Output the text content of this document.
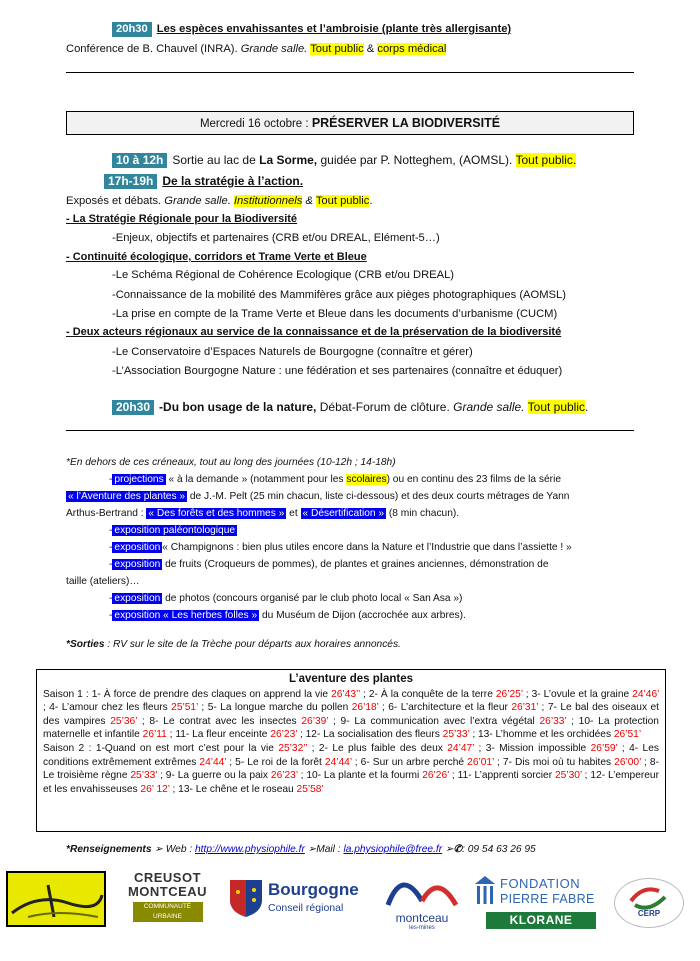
20h30 Les espèces envahissantes et l’ambroisie (plante très allergisante)
Conférence de B. Chauvel (INRA). Grande salle. Tout public & corps médical
Mercredi 16 octobre : PRÉSERVER LA BIODIVERSITÉ
10 à 12h Sortie au lac de La Sorme, guidée par P. Notteghem, (AOMSL). Tout public.
17h-19h De la stratégie à l’action.
Exposés et débats. Grande salle. Institutionnels & Tout public.
- La Stratégie Régionale pour la Biodiversité
-Enjeux, objectifs et partenaires (CRB et/ou DREAL, Elément-5…)
- Continuité écologique, corridors et Trame Verte et Bleue
-Le Schéma Régional de Cohérence Ecologique (CRB et/ou DREAL)
-Connaissance de la mobilité des Mammifères grâce aux pièges photographiques (AOMSL)
-La prise en compte de la Trame Verte et Bleue dans les documents d’urbanisme (CUCM)
- Deux acteurs régionaux au service de la connaissance et de la préservation de la biodiversité
-Le Conservatoire d’Espaces Naturels de Bourgogne (connaître et gérer)
-L’Association Bourgogne Nature : une fédération et ses partenaires (connaître et éduquer)
20h30 -Du bon usage de la nature, Débat-Forum de clôture. Grande salle. Tout public.
*En dehors de ces créneaux, tout au long des journées (10-12h ; 14-18h)
- projections « à la demande » (notamment pour les scolaires) ou en continu des 23 films de la série
« l’Aventure des plantes » de J.-M. Pelt (25 min chacun, liste ci-dessous) et des deux courts métrages de Yann
Arthus-Bertrand : « Des forêts et des hommes » et « Désertification » (8 min chacun).
- exposition paléontologique
- exposition « Champignons : bien plus utiles encore dans la Nature et l’Industrie que dans l’assiette ! »
- exposition de fruits (Croqueurs de pommes), de plantes et graines anciennes, démonstration de
taille (ateliers)…
- exposition de photos (concours organisé par le club photo local « San Asa »)
- exposition « Les herbes folles » du Muséum de Dijon (accrochée aux arbres).
*Sorties : RV sur le site de la Trèche pour départs aux horaires annoncés.
L’aventure des plantes
Saison 1 : 1- À force de prendre des claques on apprend la vie 26’43’’ ; 2- À la conquête de la terre 26’25’ ; 3- L’ovule et la graine 24’46’ ; 4- L’amour chez les fleurs 25’51’ ; 5- La longue marche du pollen 26’18’ ; 6- L’architecture et la fleur 26’31’ ; 7- Le bal des oiseaux et des vampires 25’36’ ; 8- Le contrat avec les insectes 26’39’ ; 9- La communication avec l’extra végétal 26’33’ ; 10- La protection maternelle et infantile 26’11 ; 11- La fleur enceinte 26’23’ ; 12- La socialisation des fleurs 25’33’ ; 13- L’homme et les orchidées 26’51’
Saison 2 : 1-Quand on est mort c’est pour la vie 25’32’’ ; 2- Le plus faible des deux 24’47’ ; 3- Mission impossible 26’59’ ; 4- Les conditions extrêmement extrêmes 24’44’ ; 5- Le roi de la forêt 24’44’ ; 6- Sur un arbre perché 26’01’ ; 7- Dis moi où tu habites 26’00’ ; 8- Le troisième règne 25’33’ ; 9- La guerre ou la paix 26’23’ ; 10- La plante et la fourmi 26’26’ ; 11- L’apprenti sorcier 25’30’ ; 12- L’empereur et les envahisseuses 26’ 12’ ; 13- Le chêne et le roseau 25’58’
*Renseignements ➢ Web : http://www.physiophile.fr ➢Mail : la.physiophile@free.fr ➢✆: 09 54 63 26 95
CREUSOT
MONTCEAU
COMMUNAUTÉ URBAINE
Bourgogne
Conseil régional
montceau
les-mines
FONDATION
PIERRE FABRE
KLORANE	CERP
